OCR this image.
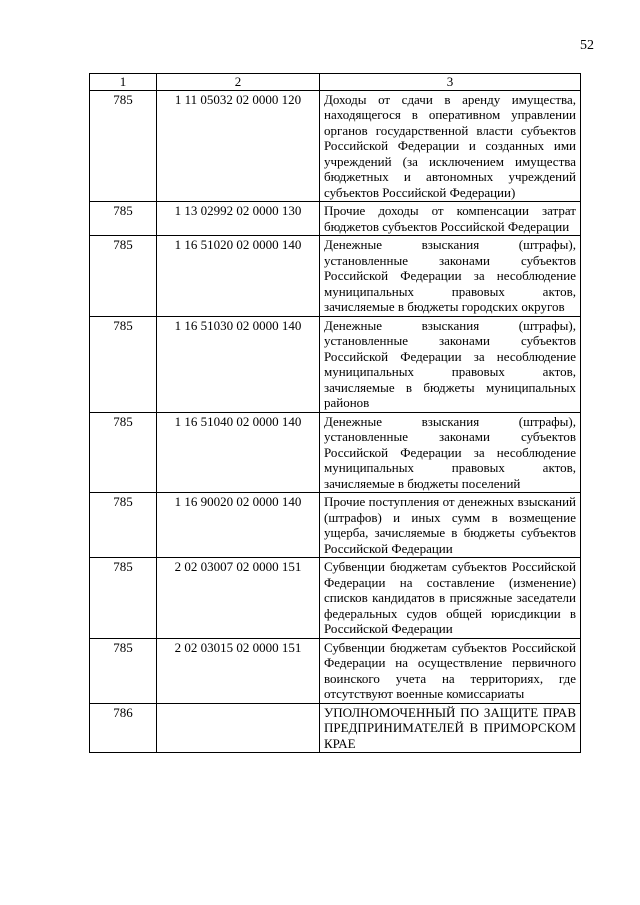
52
1	2	3
785	1 11 05032 02 0000 120	Доходы от сдачи в аренду имущества, находящегося в оперативном управлении органов государственной власти субъектов Российской Федерации и созданных ими учреждений (за исключением имущества бюджетных и автономных учреждений субъектов Российской Федерации)
785	1 13 02992 02 0000 130	Прочие доходы от компенсации затрат бюджетов субъектов Российской Федерации
785	1 16 51020 02 0000 140	Денежные взыскания (штрафы), установленные законами субъектов Российской Федерации за несоблюдение муниципальных правовых актов, зачисляемые в бюджеты городских округов
785	1 16 51030 02 0000 140	Денежные взыскания (штрафы), установленные законами субъектов Российской Федерации за несоблюдение муниципальных правовых актов, зачисляемые в бюджеты муниципальных районов
785	1 16 51040 02 0000 140	Денежные взыскания (штрафы), установленные законами субъектов Российской Федерации за несоблюдение муниципальных правовых актов, зачисляемые в бюджеты поселений
785	1 16 90020 02 0000 140	Прочие поступления от денежных взысканий (штрафов) и иных сумм в возмещение ущерба, зачисляемые в бюджеты субъектов Российской Федерации
785	2 02 03007 02 0000 151	Субвенции бюджетам субъектов Российской Федерации на составление (изменение) списков кандидатов в присяжные заседатели федеральных судов общей юрисдикции в Российской Федерации
785	2 02 03015 02 0000 151	Субвенции бюджетам субъектов Российской Федерации на осуществление первичного воинского учета на территориях, где отсутствуют военные комиссариаты
786		УПОЛНОМОЧЕННЫЙ ПО ЗАЩИТЕ ПРАВ ПРЕДПРИНИМАТЕЛЕЙ В ПРИМОРСКОМ КРАЕ
